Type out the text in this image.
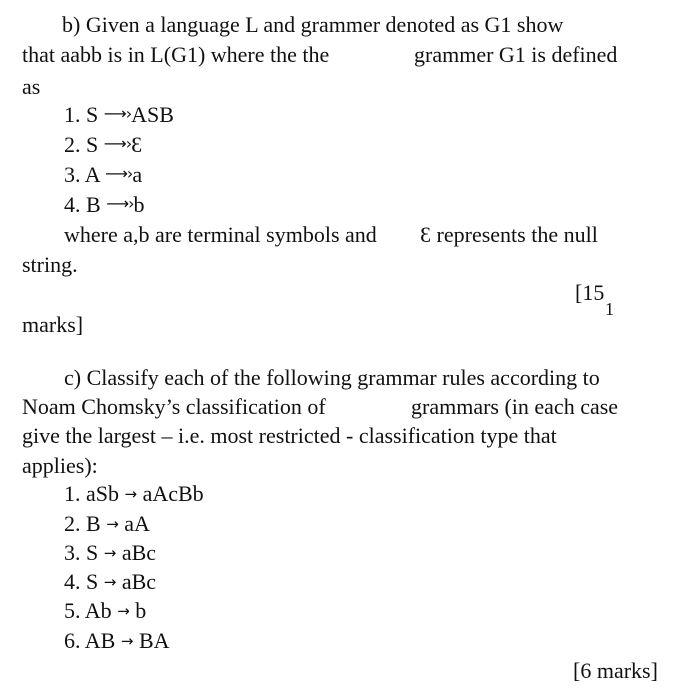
b) Given a language L and grammer denoted as G1 show
that aabb is in L(G1) where the the	grammer G1 is defined
as
1. S ⟶›ASB
2. S ⟶›Ɛ
3. A ⟶›a
4. B ⟶›b
where a,b are terminal symbols and Ɛ represents the null
string.
[15
1
marks]
c) Classify each of the following grammar rules according to
Noam Chomsky’s classification of	grammars (in each case
give the largest – i.e. most restricted - classification type that
applies):
1. aSb → aAcBb
2. B → aA
3. S → aBc
4. S → aBc
5. Ab → b
6. AB → BA
[6 marks]
